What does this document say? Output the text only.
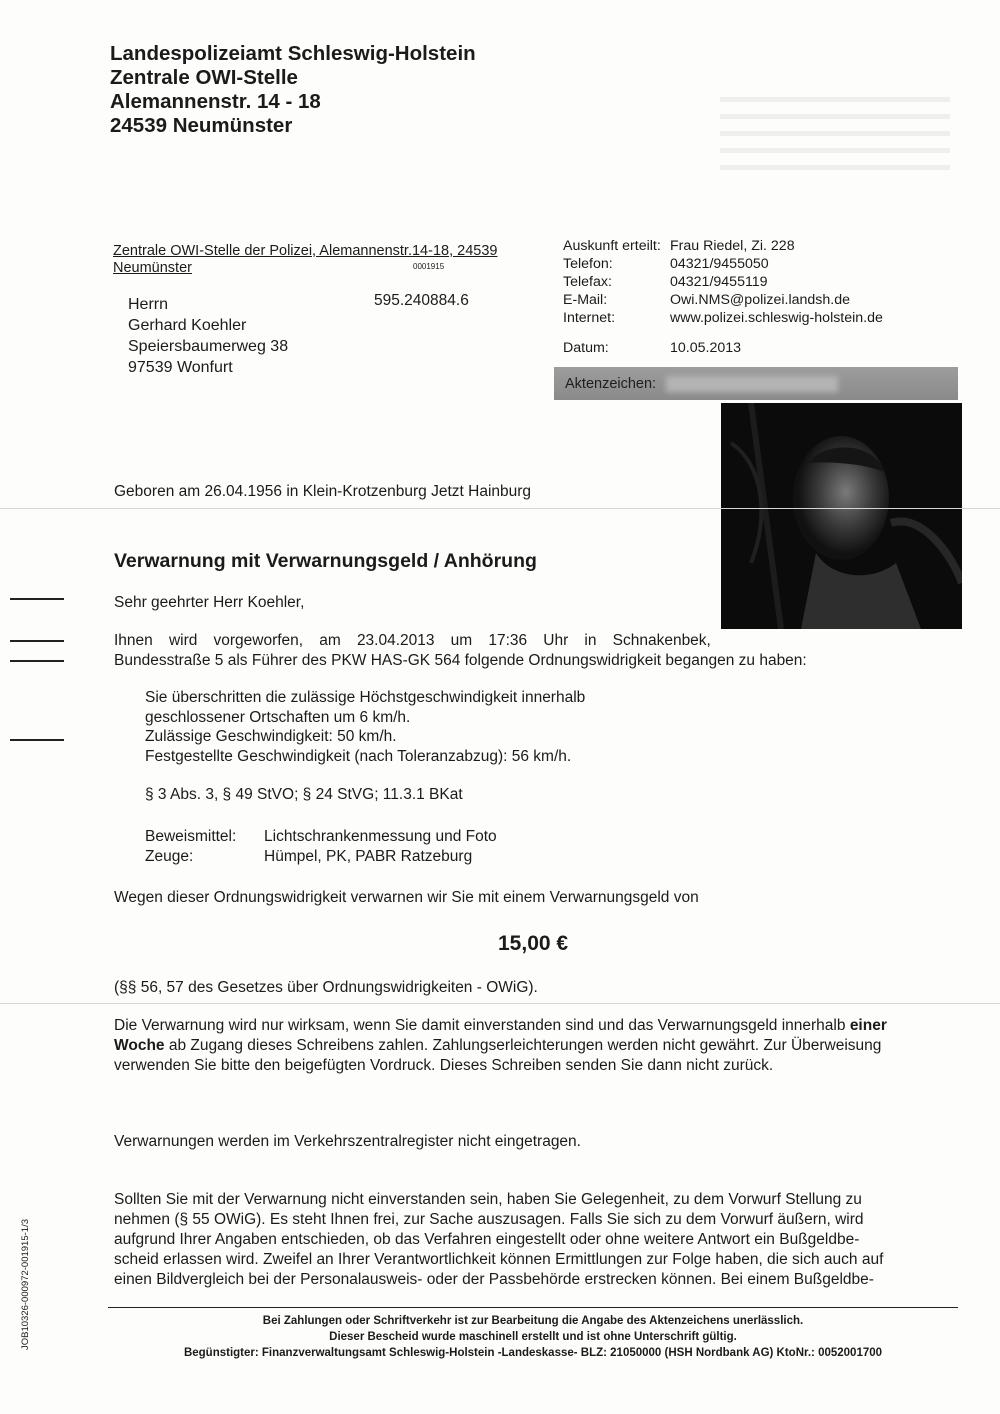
Landespolizeiamt Schleswig-Holstein
Zentrale OWI-Stelle
Alemannenstr. 14 - 18
24539 Neumünster
Zentrale OWI-Stelle der Polizei, Alemannenstr.14-18, 24539
Neumünster	0001915
595.240884.6
Herrn
Gerhard Koehler
Speiersbaumerweg 38
97539 Wonfurt
Auskunft erteilt:	Frau Riedel, Zi. 228
Telefon:	04321/9455050
Telefax:	04321/9455119
E-Mail:	Owi.NMS@polizei.landsh.de
Internet:	www.polizei.schleswig-holstein.de
Datum:	10.05.2013
Aktenzeichen:
Geboren am 26.04.1956 in Klein-Krotzenburg Jetzt Hainburg
Verwarnung mit Verwarnungsgeld / Anhörung
Sehr geehrter Herr Koehler,
Ihnen wird vorgeworfen, am 23.04.2013 um 17:36 Uhr in Schnakenbek,
Bundesstraße 5 als Führer des PKW HAS-GK 564 folgende Ordnungswidrigkeit begangen zu haben:
Sie überschritten die zulässige Höchstgeschwindigkeit innerhalb
geschlossener Ortschaften um 6 km/h.
Zulässige Geschwindigkeit: 50 km/h.
Festgestellte Geschwindigkeit (nach Toleranzabzug): 56 km/h.
§ 3 Abs. 3, § 49 StVO; § 24 StVG; 11.3.1 BKat
Beweismittel:	Lichtschrankenmessung und Foto
Zeuge:	Hümpel, PK, PABR Ratzeburg
Wegen dieser Ordnungswidrigkeit verwarnen wir Sie mit einem Verwarnungsgeld von
15,00 €
(§§ 56, 57 des Gesetzes über Ordnungswidrigkeiten - OWiG).
Die Verwarnung wird nur wirksam, wenn Sie damit einverstanden sind und das Verwarnungsgeld innerhalb einer
Woche ab Zugang dieses Schreibens zahlen. Zahlungserleichterungen werden nicht gewährt. Zur Überweisung
verwenden Sie bitte den beigefügten Vordruck. Dieses Schreiben senden Sie dann nicht zurück.
Verwarnungen werden im Verkehrszentralregister nicht eingetragen.
Sollten Sie mit der Verwarnung nicht einverstanden sein, haben Sie Gelegenheit, zu dem Vorwurf Stellung zu
nehmen (§ 55 OWiG). Es steht Ihnen frei, zur Sache auszusagen. Falls Sie sich zu dem Vorwurf äußern, wird
aufgrund Ihrer Angaben entschieden, ob das Verfahren eingestellt oder ohne weitere Antwort ein Bußgeldbe-
scheid erlassen wird. Zweifel an Ihrer Verantwortlichkeit können Ermittlungen zur Folge haben, die sich auch auf
einen Bildvergleich bei der Personalausweis- oder der Passbehörde erstrecken können. Bei einem Bußgeldbe-
Bei Zahlungen oder Schriftverkehr ist zur Bearbeitung die Angabe des Aktenzeichens unerlässlich.
Dieser Bescheid wurde maschinell erstellt und ist ohne Unterschrift gültig.
Begünstigter: Finanzverwaltungsamt Schleswig-Holstein -Landeskasse- BLZ: 21050000 (HSH Nordbank AG) KtoNr.: 0052001700
JOB10326-000972-001915-1/3
